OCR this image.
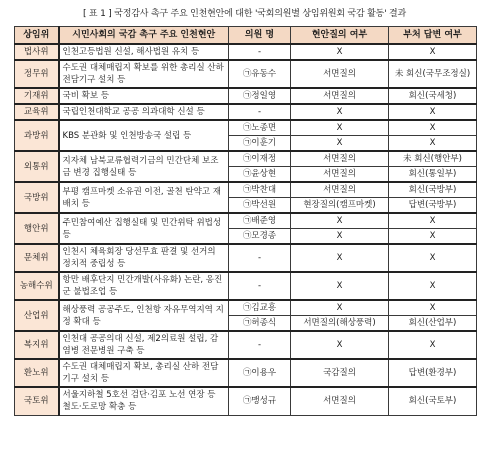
[ 표 1 ] 국정감사 촉구 주요 인천현안에 대한 '국회의원별 상임위원회 국감 활동' 결과
상임위	시민사회의 국감 촉구 주요 인천현안	의원 명	현안질의 여부	부처 답변 여부
법사위	인천고등법원 신설, 해사법원 유치 등	-	X	X
정무위	수도권 대체매립지 확보를 위한 총리실 산하 전담기구 설치 등	㉠유동수	서면질의	未 회신(국무조정실)
기재위	국비 확보 등	㉠정일영	서면질의	회신(국세청)
교육위	국립인천대학교 공공 의과대학 신설 등	-	X	X
과방위	KBS 분관화 및 인천방송국 설립 등	㉠노종면	X	X
		㉠이훈기	X	X
외통위	지자체 남북교류협력기금의 민간단체 보조금 변경 집행실태 등	㉠이재정	서면질의	未 회신(행안부)
		㉠윤상현	서면질의	회신(통일부)
국방위	부평 캠프마켓 소유권 이전, 골천 탄약고 재배치 등	㉠박찬대	서면질의	회신(국방부)
		㉠박선원	현장질의(캠프마켓)	답변(국방부)
행안위	주민참여예산 집행실태 및 민간위탁 위법성 등	㉠배준영	X	X
		㉠모경종	X	X
문체위	인천시 체육회장 당선무효 판결 및 선거의 정치적 중립성 등	-	X	X
농해수위	항만 배후단지 민간개발(사유화) 논란, 옹진군 불법조업 등	-	X	X
산업위	해상풍력 공공주도, 인천항 자유무역지역 지정 확대 등	㉠김교흥	X	X
		㉠허종식	서면질의(해상풍력)	회신(산업부)
복지위	인천대 공공의대 신설, 제2의료원 설립, 감염병 전문병원 구축 등	-	X	X
환노위	수도권 대체매립지 확보, 총리실 산하 전담기구 설치 등	㉠이용우	국감질의	답변(환경부)
국토위	서울지하철 5호선 검단·김포 노선 연장 등 철도·도로망 확충 등	㉠맹성규	서면질의	회신(국토부)
